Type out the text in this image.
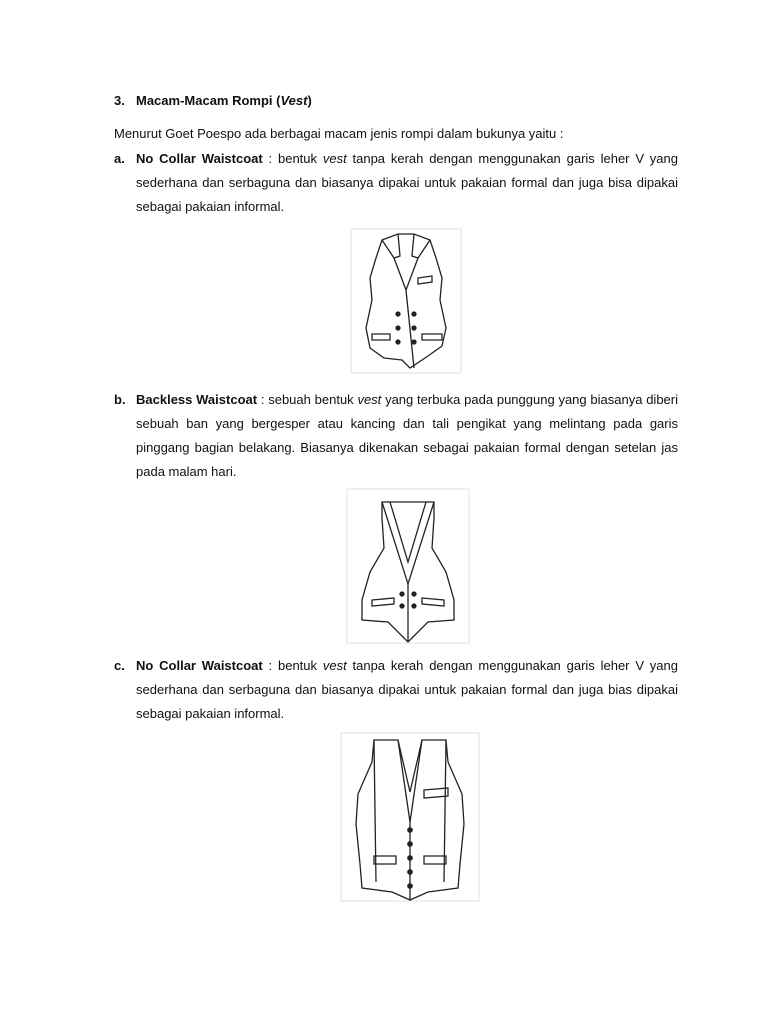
3. Macam-Macam Rompi (Vest)
Menurut Goet Poespo ada berbagai macam jenis rompi dalam bukunya yaitu :
a. No Collar Waistcoat : bentuk vest tanpa kerah dengan menggunakan garis leher V yang sederhana dan serbaguna dan biasanya dipakai untuk pakaian formal dan juga bisa dipakai sebagai pakaian informal.
b. Backless Waistcoat : sebuah bentuk vest yang terbuka pada punggung yang biasanya diberi sebuah ban yang bergesper atau kancing dan tali pengikat yang melintang pada garis pinggang bagian belakang. Biasanya dikenakan sebagai pakaian formal dengan setelan jas pada malam hari.
c. No Collar Waistcoat : bentuk vest tanpa kerah dengan menggunakan garis leher V yang sederhana dan serbaguna dan biasanya dipakai untuk pakaian formal dan juga bias dipakai sebagai pakaian informal.
